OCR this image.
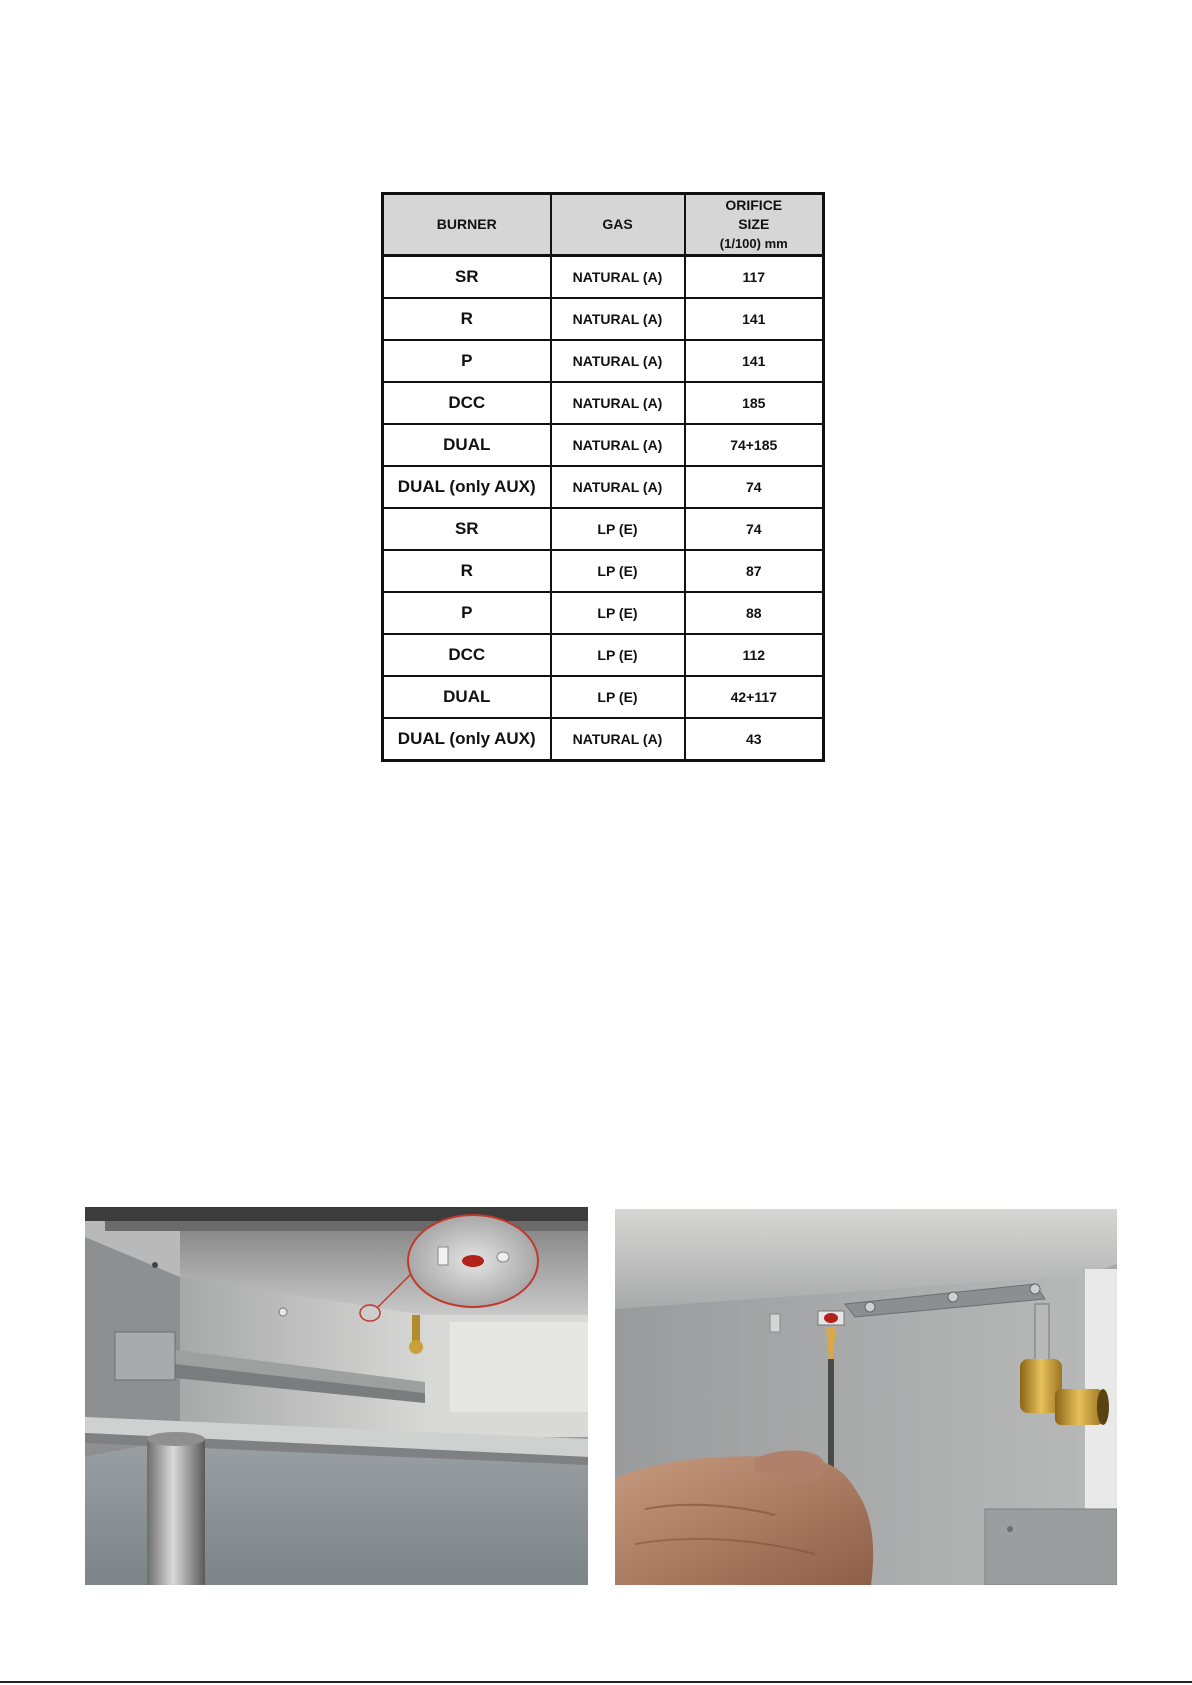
BURNER	GAS	ORIFICE
SIZE
(1/100) mm
SR	NATURAL (A)	117
R	NATURAL (A)	141
P	NATURAL (A)	141
DCC	NATURAL (A)	185
DUAL	NATURAL (A)	74+185
DUAL (only AUX)	NATURAL (A)	74
SR	LP (E)	74
R	LP (E)	87
P	LP (E)	88
DCC	LP (E)	112
DUAL	LP (E)	42+117
DUAL (only AUX)	NATURAL (A)	43
